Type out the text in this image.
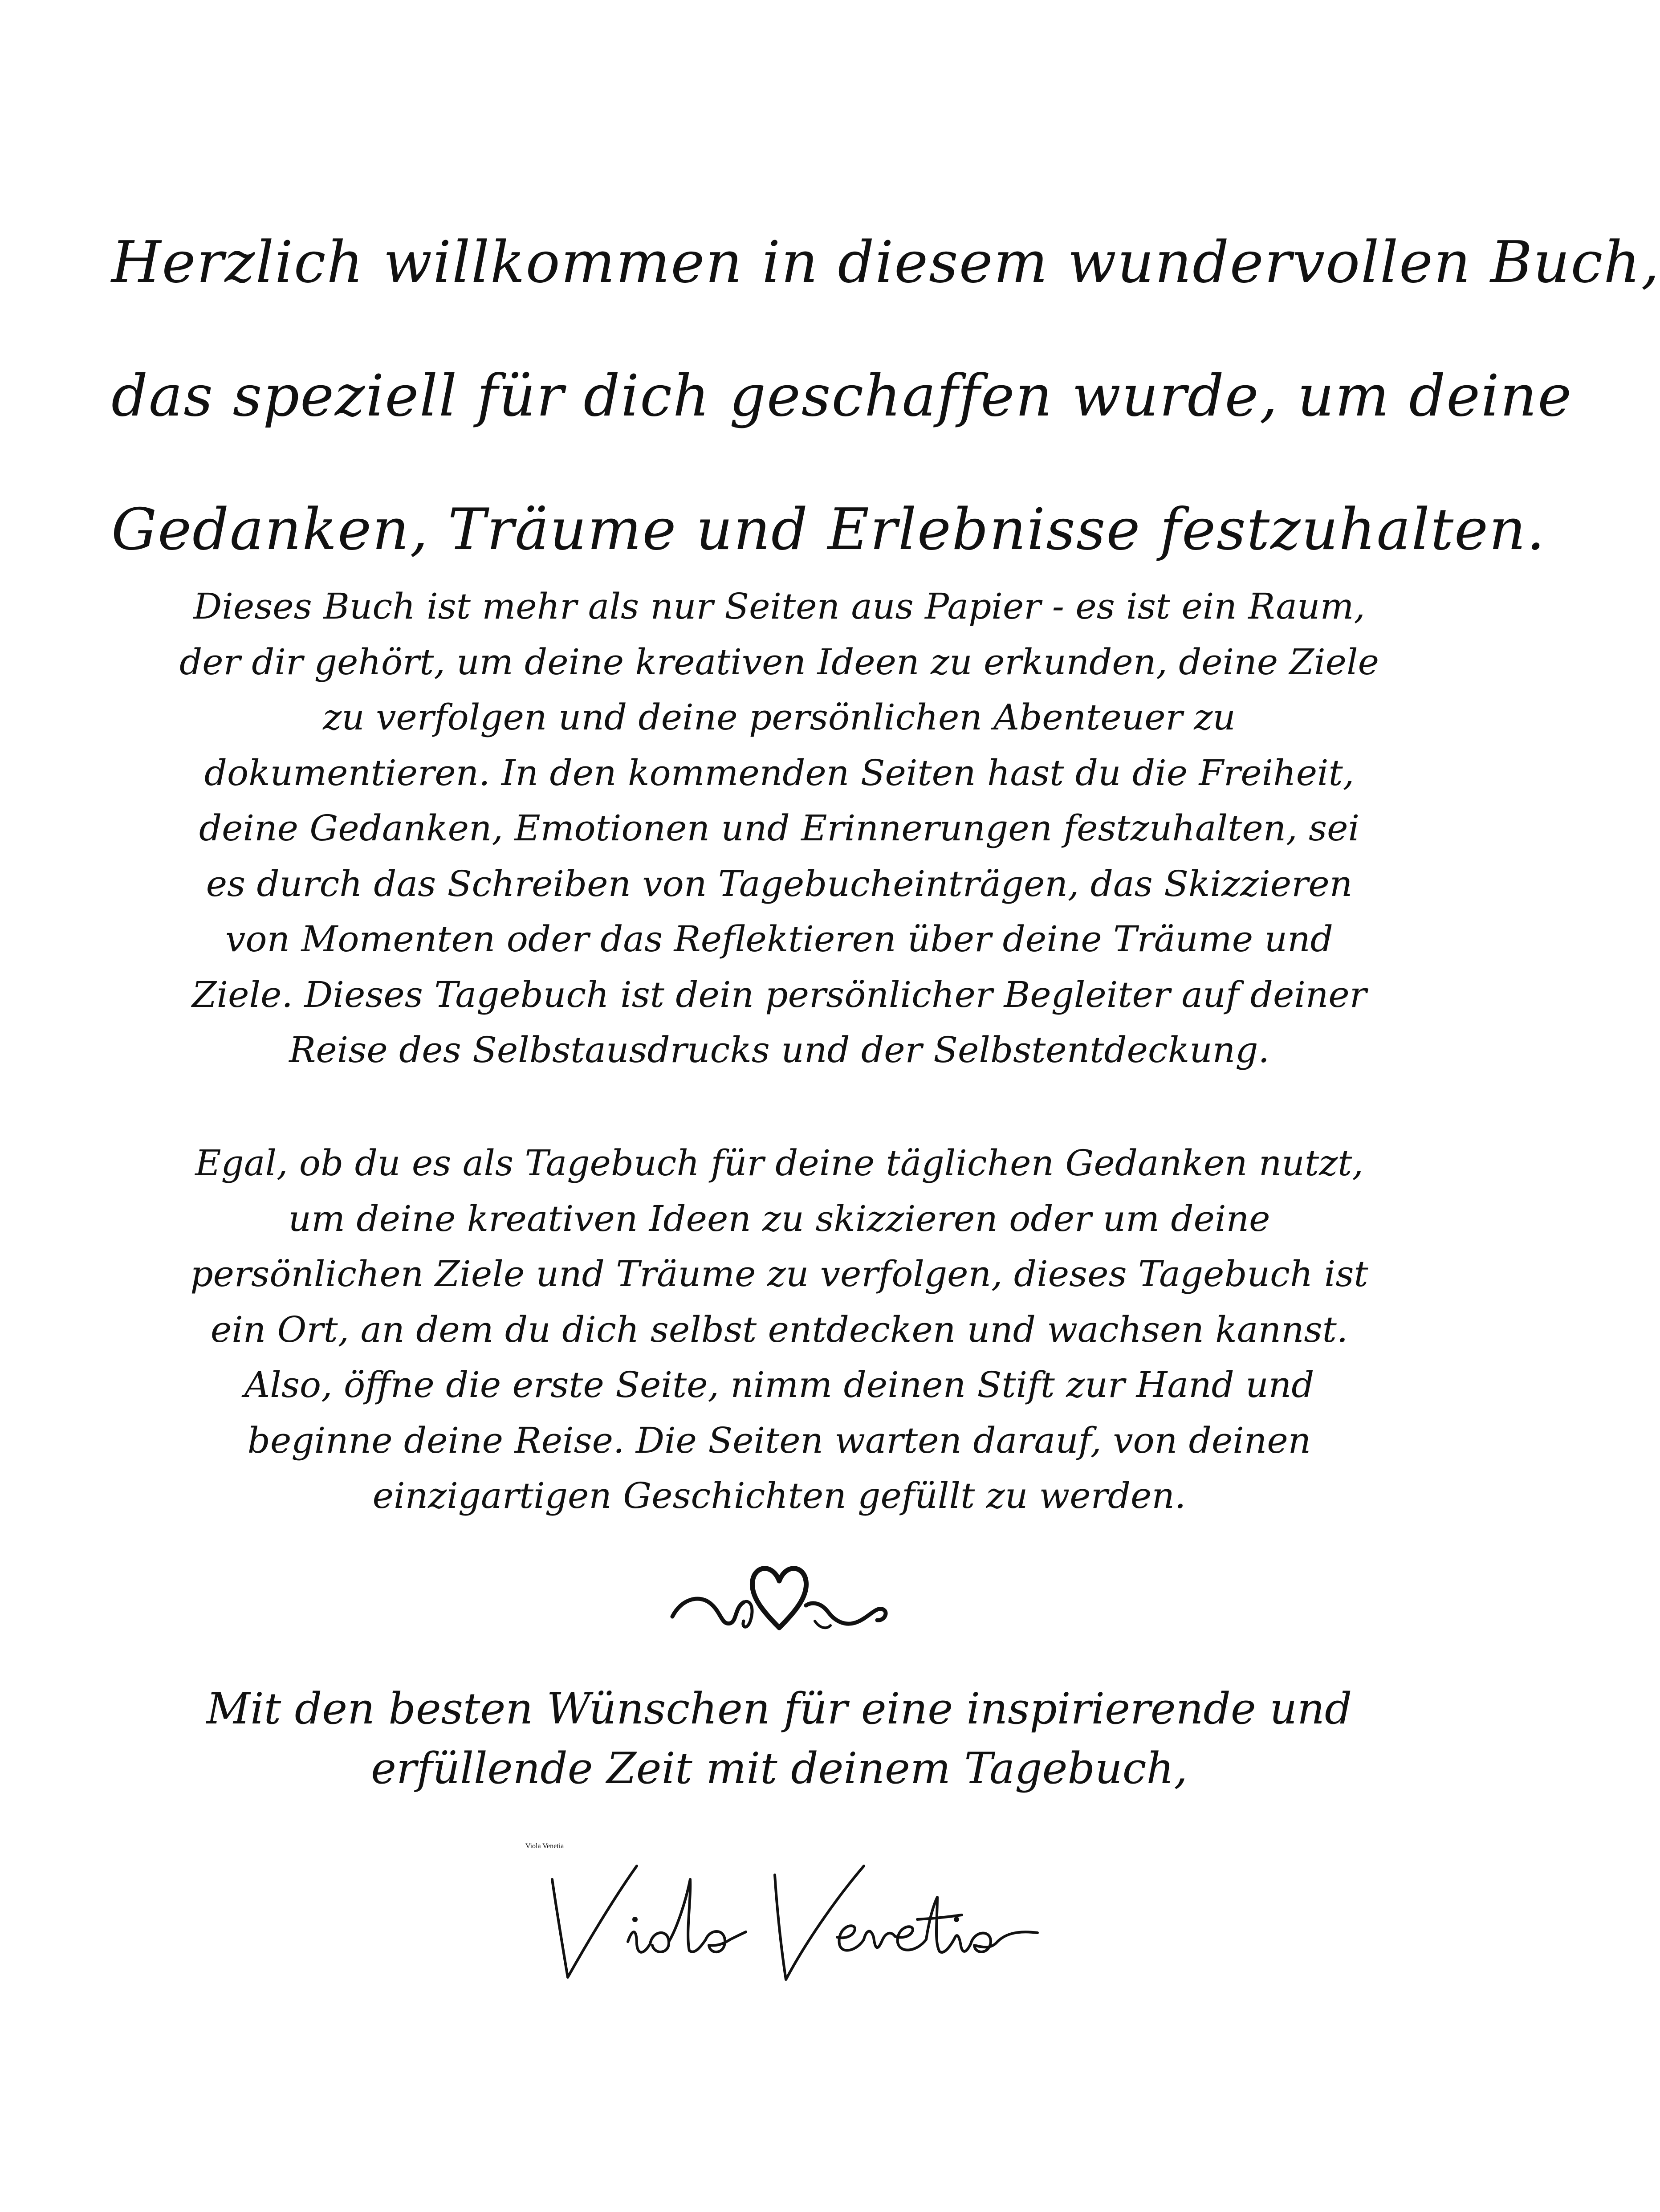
Herzlich willkommen in diesem wundervollen Buch,
das speziell für dich geschaffen wurde, um deine
Gedanken, Träume und Erlebnisse festzuhalten.
Dieses Buch ist mehr als nur Seiten aus Papier - es ist ein Raum,
der dir gehört, um deine kreativen Ideen zu erkunden, deine Ziele
zu verfolgen und deine persönlichen Abenteuer zu
dokumentieren. In den kommenden Seiten hast du die Freiheit,
deine Gedanken, Emotionen und Erinnerungen festzuhalten, sei
es durch das Schreiben von Tagebucheinträgen, das Skizzieren
von Momenten oder das Reflektieren über deine Träume und
Ziele. Dieses Tagebuch ist dein persönlicher Begleiter auf deiner
Reise des Selbstausdrucks und der Selbstentdeckung.
Egal, ob du es als Tagebuch für deine täglichen Gedanken nutzt,
um deine kreativen Ideen zu skizzieren oder um deine
persönlichen Ziele und Träume zu verfolgen, dieses Tagebuch ist
ein Ort, an dem du dich selbst entdecken und wachsen kannst.
Also, öffne die erste Seite, nimm deinen Stift zur Hand und
beginne deine Reise. Die Seiten warten darauf, von deinen
einzigartigen Geschichten gefüllt zu werden.
Mit den besten Wünschen für eine inspirierende und
erfüllende Zeit mit deinem Tagebuch,
Viola Venetia
